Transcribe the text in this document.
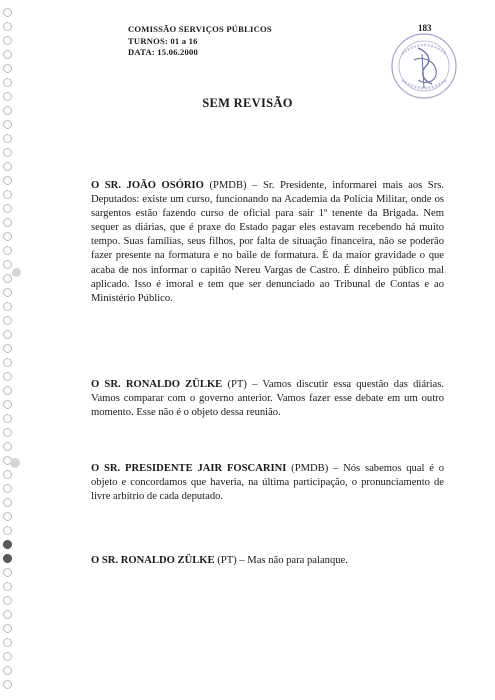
COMISSÃO SERVIÇOS PÚBLICOS
TURNOS: 01 a 16
DATA: 15.06.2000
183
SEM REVISÃO
O SR. JOÃO OSÓRIO (PMDB) – Sr. Presidente, informarei mais aos Srs. Deputados: existe um curso, funcionando na Academia da Polícia Militar, onde os sargentos estão fazendo curso de oficial para sair 1º tenente da Brigada. Nem sequer as diárias, que é praxe do Estado pagar eles estavam recebendo há muito tempo. Suas famílias, seus filhos, por falta de situação financeira, não se poderão fazer presente na formatura e no baile de formatura. É da maior gravidade o que acaba de nos informar o capitão Nereu Vargas de Castro. É dinheiro público mal aplicado. Isso é imoral e tem que ser denunciado ao Tribunal de Contas e ao Ministério Público.
O SR. RONALDO ZÜLKE (PT) – Vamos discutir essa questão das diárias. Vamos comparar com o governo anterior. Vamos fazer esse debate em um outro momento. Esse não é o objeto dessa reunião.
O SR. PRESIDENTE JAIR FOSCARINI (PMDB) – Nós sabemos qual é o objeto e concordamos que haveria, na última participação, o pronunciamento de livre arbítrio de cada deputado.
O SR. RONALDO ZÜLKE (PT) – Mas não para palanque.
